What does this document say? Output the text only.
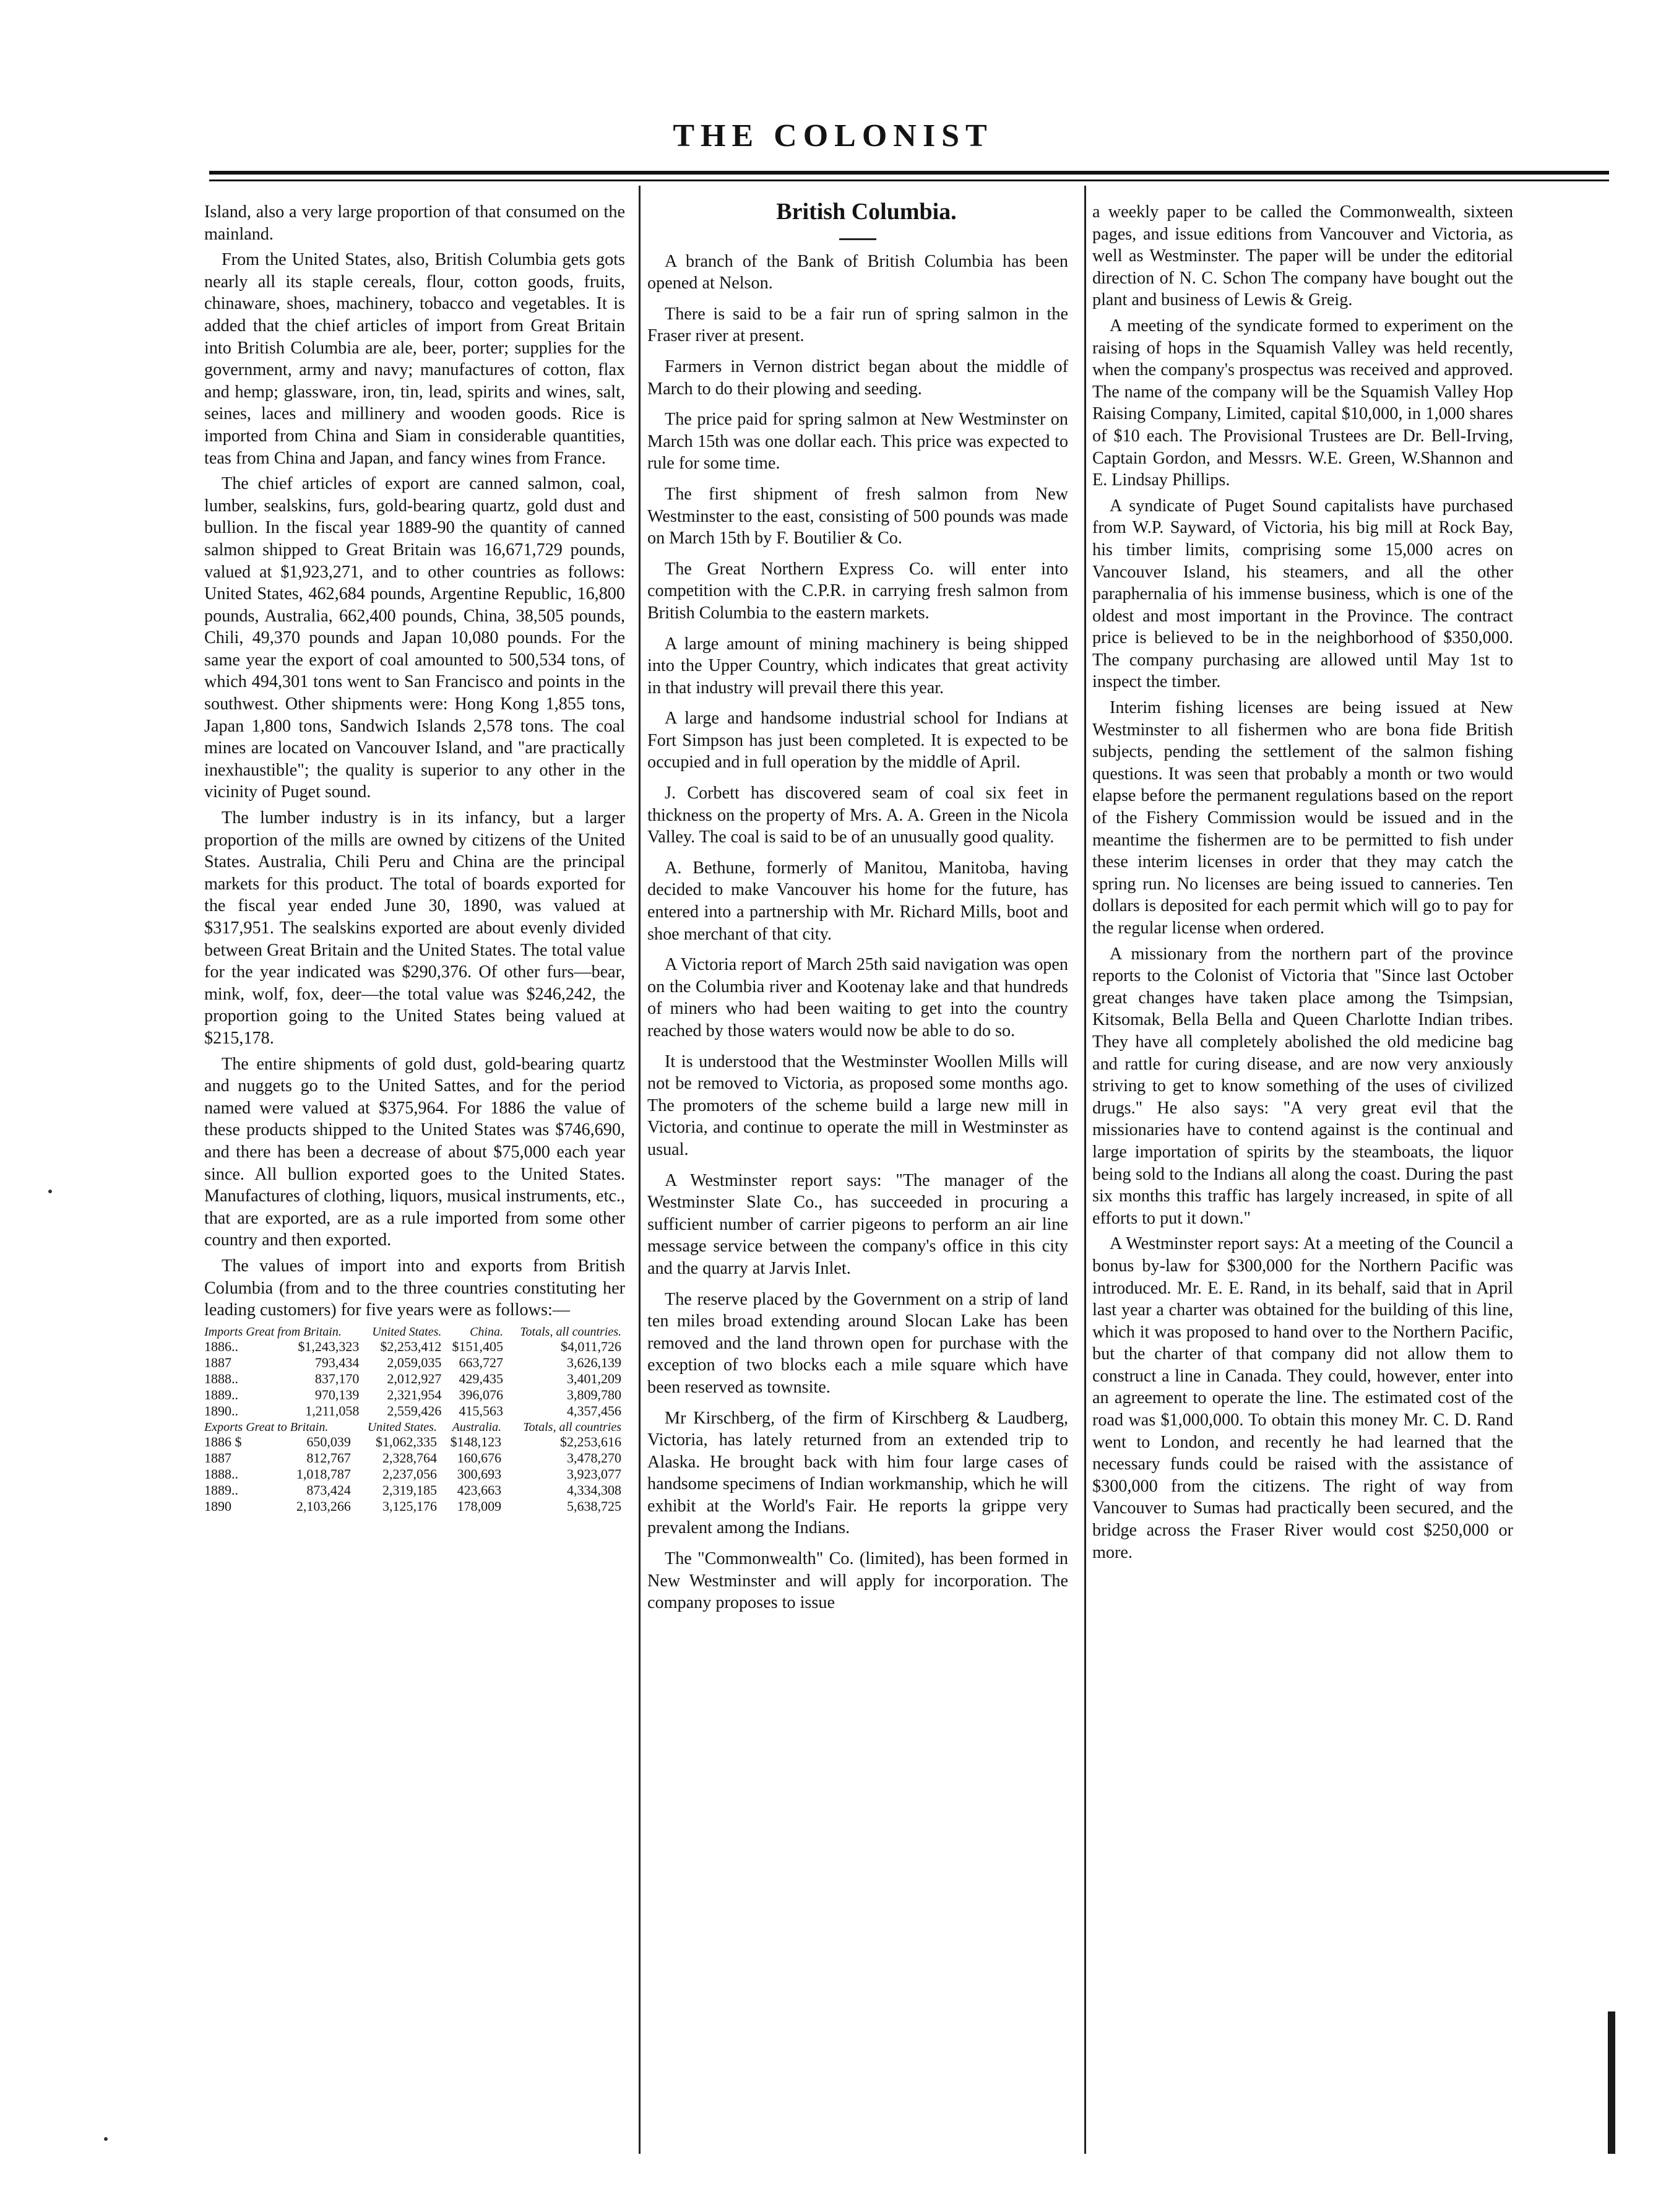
THE COLONIST

Island, also a very large proportion of that consumed on the mainland.

From the United States, also, British Columbia gets gots nearly all its staple cereals, flour, cotton goods, fruits, chinaware, shoes, machinery, tobacco and vegetables. It is added that the chief articles of import from Great Britain into British Columbia are ale, beer, porter; supplies for the government, army and navy; manufactures of cotton, flax and hemp; glassware, iron, tin, lead, spirits and wines, salt, seines, laces and millinery and wooden goods. Rice is imported from China and Siam in considerable quantities, teas from China and Japan, and fancy wines from France.

The chief articles of export are canned salmon, coal, lumber, sealskins, furs, gold-bearing quartz, gold dust and bullion. In the fiscal year 1889-90 the quantity of canned salmon shipped to Great Britain was 16,671,729 pounds, valued at $1,923,271, and to other countries as follows: United States, 462,684 pounds, Argentine Republic, 16,800 pounds, Australia, 662,400 pounds, China, 38,505 pounds, Chili, 49,370 pounds and Japan 10,080 pounds. For the same year the export of coal amounted to 500,534 tons, of which 494,301 tons went to San Francisco and points in the southwest. Other shipments were: Hong Kong 1,855 tons, Japan 1,800 tons, Sandwich Islands 2,578 tons. The coal mines are located on Vancouver Island, and "are practically inexhaustible"; the quality is superior to any other in the vicinity of Puget sound.

The lumber industry is in its infancy, but a larger proportion of the mills are owned by citizens of the United States. Australia, Chili Peru and China are the principal markets for this product. The total of boards exported for the fiscal year ended June 30, 1890, was valued at $317,951. The sealskins exported are about evenly divided between Great Britain and the United States. The total value for the year indicated was $290,376. Of other furs—bear, mink, wolf, fox, deer—the total value was $246,242, the proportion going to the United States being valued at $215,178.

The entire shipments of gold dust, gold-bearing quartz and nuggets go to the United Sattes, and for the period named were valued at $375,964. For 1886 the value of these products shipped to the United States was $746,690, and there has been a decrease of about $75,000 each year since. All bullion exported goes to the United States. Manufactures of clothing, liquors, musical instruments, etc., that are exported, are as a rule imported from some other country and then exported.

The values of import into and exports from British Columbia (from and to the three countries constituting her leading customers) for five years were as follows:—

Imports Great from Britain.		United States.	China.	Totals, all countries.
1886..	$1,243,323	$2,253,412	$151,405	$4,011,726
1887	793,434	2,059,035	663,727	3,626,139
1888..	837,170	2,012,927	429,435	3,401,209
1889..	970,139	2,321,954	396,076	3,809,780
1890..	1,211,058	2,559,426	415,563	4,357,456
Exports Great to Britain.		United States.	Australia.	Totals, all countries
1886 $	650,039	$1,062,335	$148,123	$2,253,616
1887	812,767	2,328,764	160,676	3,478,270
1888..	1,018,787	2,237,056	300,693	3,923,077
1889..	873,424	2,319,185	423,663	4,334,308
1890	2,103,266	3,125,176	178,009	5,638,725

British Columbia.

A branch of the Bank of British Columbia has been opened at Nelson.

There is said to be a fair run of spring salmon in the Fraser river at present.

Farmers in Vernon district began about the middle of March to do their plowing and seeding.

The price paid for spring salmon at New Westminster on March 15th was one dollar each. This price was expected to rule for some time.

The first shipment of fresh salmon from New Westminster to the east, consisting of 500 pounds was made on March 15th by F. Boutilier & Co.

The Great Northern Express Co. will enter into competition with the C.P.R. in carrying fresh salmon from British Columbia to the eastern markets.

A large amount of mining machinery is being shipped into the Upper Country, which indicates that great activity in that industry will prevail there this year.

A large and handsome industrial school for Indians at Fort Simpson has just been completed. It is expected to be occupied and in full operation by the middle of April.

J. Corbett has discovered seam of coal six feet in thickness on the property of Mrs. A. A. Green in the Nicola Valley. The coal is said to be of an unusually good quality.

A. Bethune, formerly of Manitou, Manitoba, having decided to make Vancouver his home for the future, has entered into a partnership with Mr. Richard Mills, boot and shoe merchant of that city.

A Victoria report of March 25th said navigation was open on the Columbia river and Kootenay lake and that hundreds of miners who had been waiting to get into the country reached by those waters would now be able to do so.

It is understood that the Westminster Woollen Mills will not be removed to Victoria, as proposed some months ago. The promoters of the scheme build a large new mill in Victoria, and continue to operate the mill in Westminster as usual.

A Westminster report says: "The manager of the Westminster Slate Co., has succeeded in procuring a sufficient number of carrier pigeons to perform an air line message service between the company's office in this city and the quarry at Jarvis Inlet.

The reserve placed by the Government on a strip of land ten miles broad extending around Slocan Lake has been removed and the land thrown open for purchase with the exception of two blocks each a mile square which have been reserved as townsite.

Mr Kirschberg, of the firm of Kirschberg & Laudberg, Victoria, has lately returned from an extended trip to Alaska. He brought back with him four large cases of handsome specimens of Indian workmanship, which he will exhibit at the World's Fair. He reports la grippe very prevalent among the Indians.

The "Commonwealth" Co. (limited), has been formed in New Westminster and will apply for incorporation. The company proposes to issue

a weekly paper to be called the Commonwealth, sixteen pages, and issue editions from Vancouver and Victoria, as well as Westminster. The paper will be under the editorial direction of N. C. Schon The company have bought out the plant and business of Lewis & Greig.

A meeting of the syndicate formed to experiment on the raising of hops in the Squamish Valley was held recently, when the company's prospectus was received and approved. The name of the company will be the Squamish Valley Hop Raising Company, Limited, capital $10,000, in 1,000 shares of $10 each. The Provisional Trustees are Dr. Bell-Irving, Captain Gordon, and Messrs. W.E. Green, W.Shannon and E. Lindsay Phillips.

A syndicate of Puget Sound capitalists have purchased from W.P. Sayward, of Victoria, his big mill at Rock Bay, his timber limits, comprising some 15,000 acres on Vancouver Island, his steamers, and all the other paraphernalia of his immense business, which is one of the oldest and most important in the Province. The contract price is believed to be in the neighborhood of $350,000. The company purchasing are allowed until May 1st to inspect the timber.

Interim fishing licenses are being issued at New Westminster to all fishermen who are bona fide British subjects, pending the settlement of the salmon fishing questions. It was seen that probably a month or two would elapse before the permanent regulations based on the report of the Fishery Commission would be issued and in the meantime the fishermen are to be permitted to fish under these interim licenses in order that they may catch the spring run. No licenses are being issued to canneries. Ten dollars is deposited for each permit which will go to pay for the regular license when ordered.

A missionary from the northern part of the province reports to the Colonist of Victoria that "Since last October great changes have taken place among the Tsimpsian, Kitsomak, Bella Bella and Queen Charlotte Indian tribes. They have all completely abolished the old medicine bag and rattle for curing disease, and are now very anxiously striving to get to know something of the uses of civilized drugs." He also says: "A very great evil that the missionaries have to contend against is the continual and large importation of spirits by the steamboats, the liquor being sold to the Indians all along the coast. During the past six months this traffic has largely increased, in spite of all efforts to put it down."

A Westminster report says: At a meeting of the Council a bonus by-law for $300,000 for the Northern Pacific was introduced. Mr. E. E. Rand, in its behalf, said that in April last year a charter was obtained for the building of this line, which it was proposed to hand over to the Northern Pacific, but the charter of that company did not allow them to construct a line in Canada. They could, however, enter into an agreement to operate the line. The estimated cost of the road was $1,000,000. To obtain this money Mr. C. D. Rand went to London, and recently he had learned that the necessary funds could be raised with the assistance of $300,000 from the citizens. The right of way from Vancouver to Sumas had practically been secured, and the bridge across the Fraser River would cost $250,000 or more.
